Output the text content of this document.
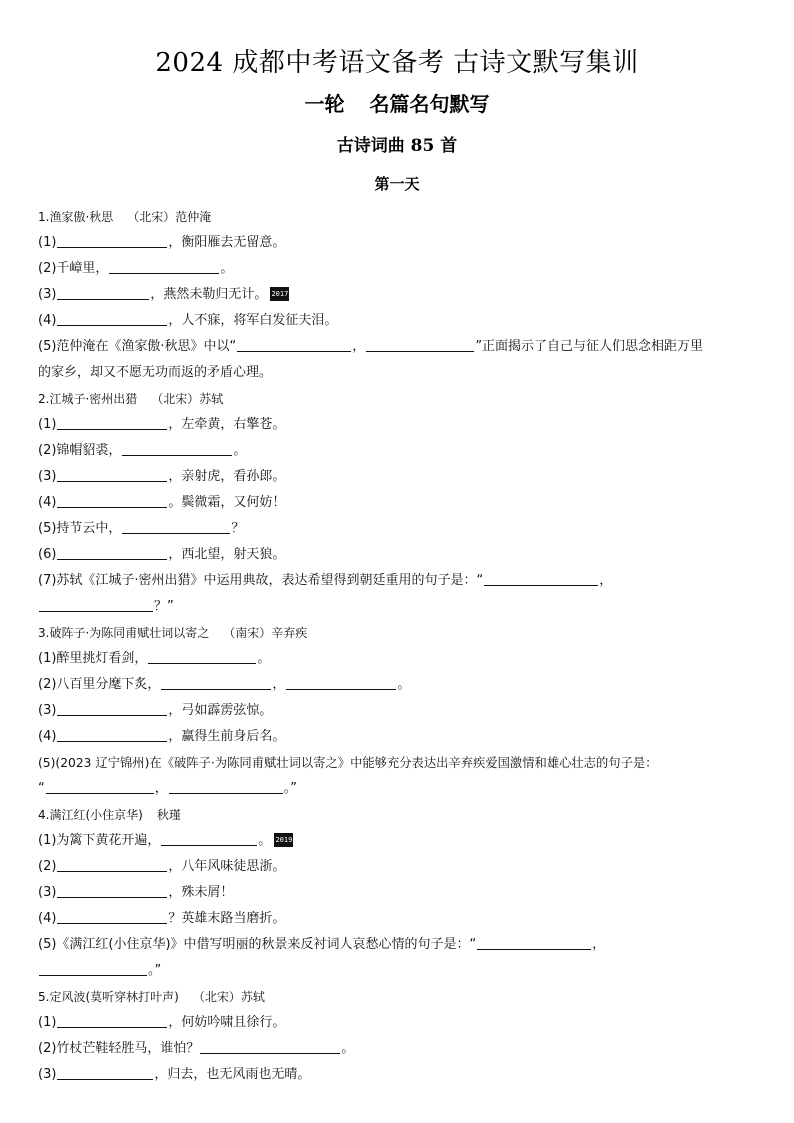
2024 成都中考语文备考 古诗文默写集训
一轮 名篇名句默写
古诗词曲 85 首
第一天
1.渔家傲·秋思 （北宋）范仲淹
(1)	，衡阳雁去无留意。
(2)千嶂里，	。
(3)	，燕然未勒归无计。 2017
(4)	，人不寐，将军白发征夫泪。
(5)范仲淹在《渔家傲·秋思》中以“	，	”正面揭示了自己与征人们思念相距万里
的家乡，却又不愿无功而返的矛盾心理。
2.江城子·密州出猎 （北宋）苏轼
(1)	，左牵黄，右擎苍。
(2)锦帽貂裘，	。
(3)	，亲射虎，看孙郎。
(4)	。鬓微霜，又何妨！
(5)持节云中，	？
(6)	，西北望，射天狼。
(7)苏轼《江城子·密州出猎》中运用典故，表达希望得到朝廷重用的句子是：“	，
？”
3.破阵子·为陈同甫赋壮词以寄之 （南宋）辛弃疾
(1)醉里挑灯看剑，	。
(2)八百里分麾下炙，	，	。
(3)	，弓如霹雳弦惊。
(4)	，赢得生前身后名。
(5)(2023 辽宁锦州)在《破阵子·为陈同甫赋壮词以寄之》中能够充分表达出辛弃疾爱国激情和雄心壮志的句子是：
“	，	。”
4.满江红(小住京华) 秋瑾
(1)为篱下黄花开遍，	。 2019
(2)	，八年风味徒思浙。
(3)	，殊未屑！
(4)	？英雄末路当磨折。
(5)《满江红(小住京华)》中借写明丽的秋景来反衬词人哀愁心情的句子是：“	，
。”
5.定风波(莫听穿林打叶声) （北宋）苏轼
(1)	，何妨吟啸且徐行。
(2)竹杖芒鞋轻胜马，谁怕？	。
(3)	，归去，也无风雨也无晴。
